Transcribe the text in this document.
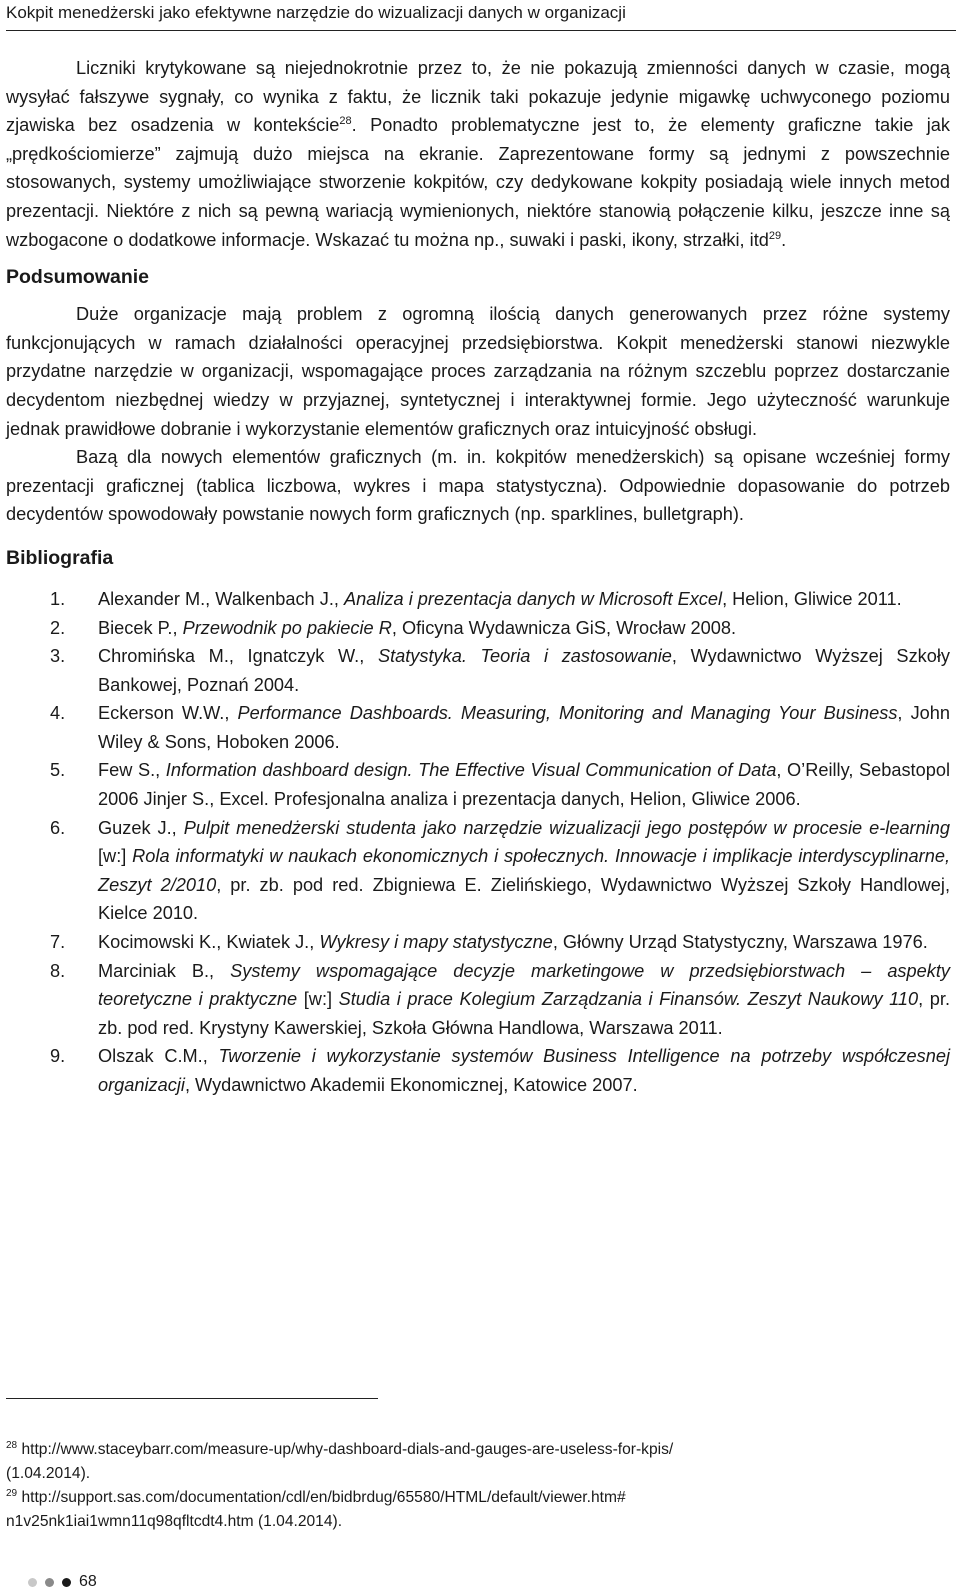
Kokpit menedżerski jako efektywne narzędzie do wizualizacji danych w organizacji

Liczniki krytykowane są niejednokrotnie przez to, że nie pokazują zmienności danych w czasie, mogą wysyłać fałszywe sygnały, co wynika z faktu, że licznik taki pokazuje jedynie migawkę uchwyconego poziomu zjawiska bez osadzenia w kontekście$^{28}$. Ponadto problematyczne jest to, że elementy graficzne takie jak „prędkościomierze” zajmują dużo miejsca na ekranie. Zaprezentowane formy są jednymi z powszechnie stosowanych, systemy umożliwiające stworzenie kokpitów, czy dedykowane kokpity posiadają wiele innych metod prezentacji. Niektóre z nich są pewną wariacją wymienionych, niektóre stanowią połączenie kilku, jeszcze inne są wzbogacone o dodatkowe informacje. Wskazać tu można np., suwaki i paski, ikony, strzałki, itd$^{29}$.

Podsumowanie

Duże organizacje mają problem z ogromną ilością danych generowanych przez różne systemy funkcjonujących w ramach działalności operacyjnej przedsiębiorstwa. Kokpit menedżerski stanowi niezwykle przydatne narzędzie w organizacji, wspomagające proces zarządzania na różnym szczeblu poprzez dostarczanie decydentom niezbędnej wiedzy w przyjaznej, syntetycznej i interaktywnej formie. Jego użyteczność warunkuje jednak prawidłowe dobranie i wykorzystanie elementów graficznych oraz intuicyjność obsługi.

Bazą dla nowych elementów graficznych (m. in. kokpitów menedżerskich) są opisane wcześniej formy prezentacji graficznej (tablica liczbowa, wykres i mapa statystyczna). Odpowiednie dopasowanie do potrzeb decydentów spowodowały powstanie nowych form graficznych (np. sparklines, bulletgraph).

Bibliografia
1. Alexander M., Walkenbach J., Analiza i prezentacja danych w Microsoft Excel, Helion, Gliwice 2011.
2. Biecek P., Przewodnik po pakiecie R, Oficyna Wydawnicza GiS, Wrocław 2008.
3. Chromińska M., Ignatczyk W., Statystyka. Teoria i zastosowanie, Wydawnictwo Wyższej Szkoły Bankowej, Poznań 2004.
4. Eckerson W.W., Performance Dashboards. Measuring, Monitoring and Managing Your Business, John Wiley & Sons, Hoboken 2006.
5. Few S., Information dashboard design. The Effective Visual Communication of Data, O’Reilly, Sebastopol 2006 Jinjer S., Excel. Profesjonalna analiza i prezentacja danych, Helion, Gliwice 2006.
6. Guzek J., Pulpit menedżerski studenta jako narzędzie wizualizacji jego postępów w procesie e-learning [w:] Rola informatyki w naukach ekonomicznych i społecznych. Innowacje i implikacje interdyscyplinarne, Zeszyt 2/2010, pr. zb. pod red. Zbigniewa E. Zielińskiego, Wydawnictwo Wyższej Szkoły Handlowej, Kielce 2010.
7. Kocimowski K., Kwiatek J., Wykresy i mapy statystyczne, Główny Urząd Statystyczny, Warszawa 1976.
8. Marciniak B., Systemy wspomagające decyzje marketingowe w przedsiębiorstwach – aspekty teoretyczne i praktyczne [w:] Studia i prace Kolegium Zarządzania i Finansów. Zeszyt Naukowy 110, pr. zb. pod red. Krystyny Kawerskiej, Szkoła Główna Handlowa, Warszawa 2011.
9. Olszak C.M., Tworzenie i wykorzystanie systemów Business Intelligence na potrzeby współczesnej organizacji, Wydawnictwo Akademii Ekonomicznej, Katowice 2007.

$^{28}$ http://www.staceybarr.com/measure-up/why-dashboard-dials-and-gauges-are-useless-for-kpis/
(1.04.2014).

$^{29}$ http://support.sas.com/documentation/cdl/en/bidbrdug/65580/HTML/default/viewer.htm#
n1v25nk1iai1wmn11q98qfltcdt4.htm (1.04.2014).

68
